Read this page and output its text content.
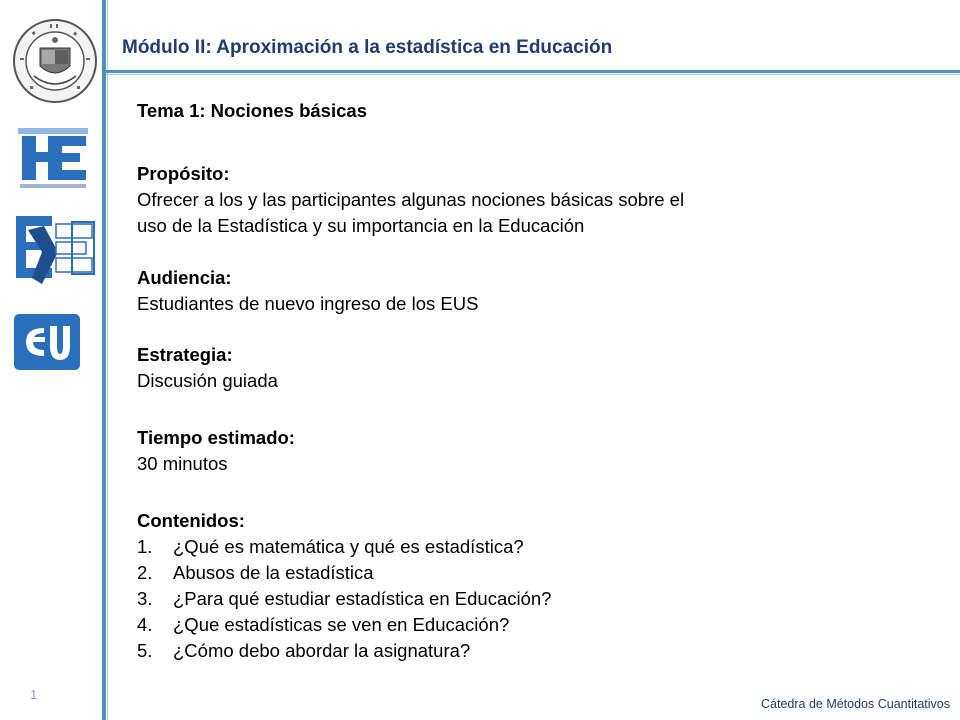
Módulo II: Aproximación a la estadística en Educación
Tema 1: Nociones básicas
Propósito:
Ofrecer a los y las participantes algunas nociones básicas sobre el
uso de la Estadística y su importancia en la Educación
Audiencia:
Estudiantes de nuevo ingreso de los EUS
Estrategia:
Discusión guiada
Tiempo estimado:
30 minutos
Contenidos:
1. ¿Qué es matemática y qué es estadística?
2. Abusos de la estadística
3. ¿Para qué estudiar estadística en Educación?
4. ¿Que estadísticas se ven en Educación?
5. ¿Cómo debo abordar la asignatura?
1
Cátedra de Métodos Cuantitativos
